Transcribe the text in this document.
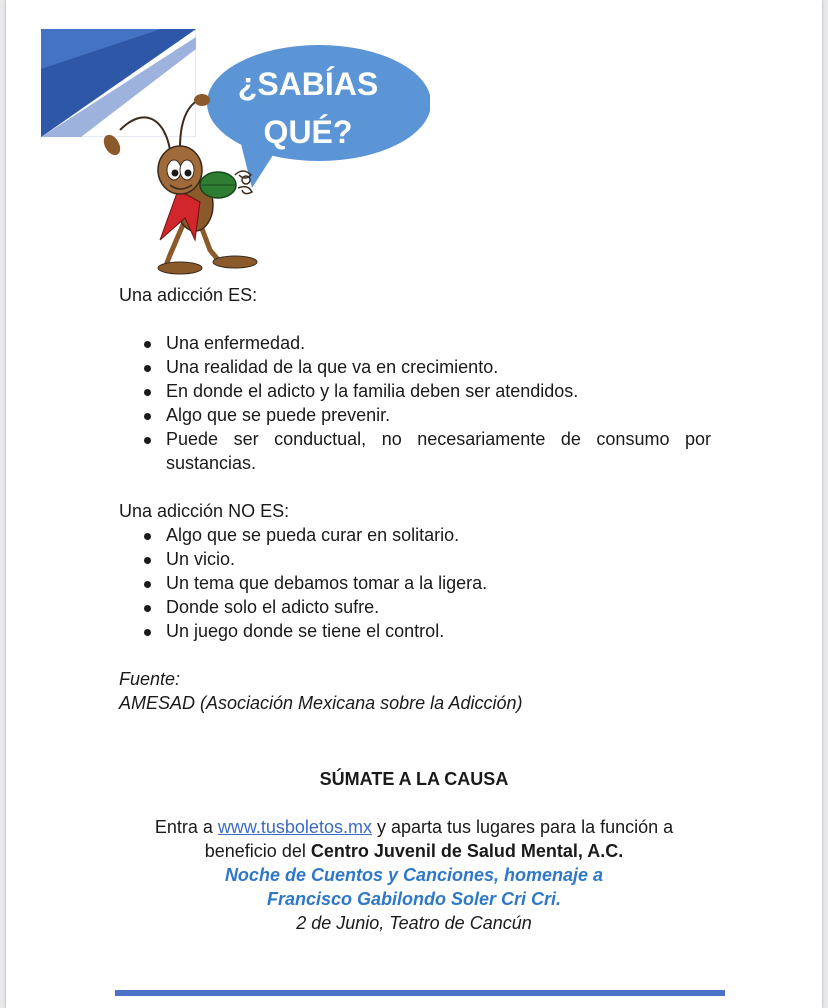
¿SABÍAS
QUÉ?

Una adicción ES:

Una enfermedad.
Una realidad de la que va en crecimiento.
En donde el adicto y la familia deben ser atendidos.
Algo que se puede prevenir.
Puede ser conductual, no necesariamente de consumo por sustancias.

Una adicción NO ES:

Algo que se pueda curar en solitario.
Un vicio.
Un tema que debamos tomar a la ligera.
Donde solo el adicto sufre.
Un juego donde se tiene el control.
Fuente:
AMESAD (Asociación Mexicana sobre la Adicción)
SÚMATE A LA CAUSA
Entra a www.tusboletos.mx y aparta tus lugares para la función a
beneficio del Centro Juvenil de Salud Mental, A.C.
Noche de Cuentos y Canciones, homenaje a
Francisco Gabilondo Soler Cri Cri.
2 de Junio, Teatro de Cancún
